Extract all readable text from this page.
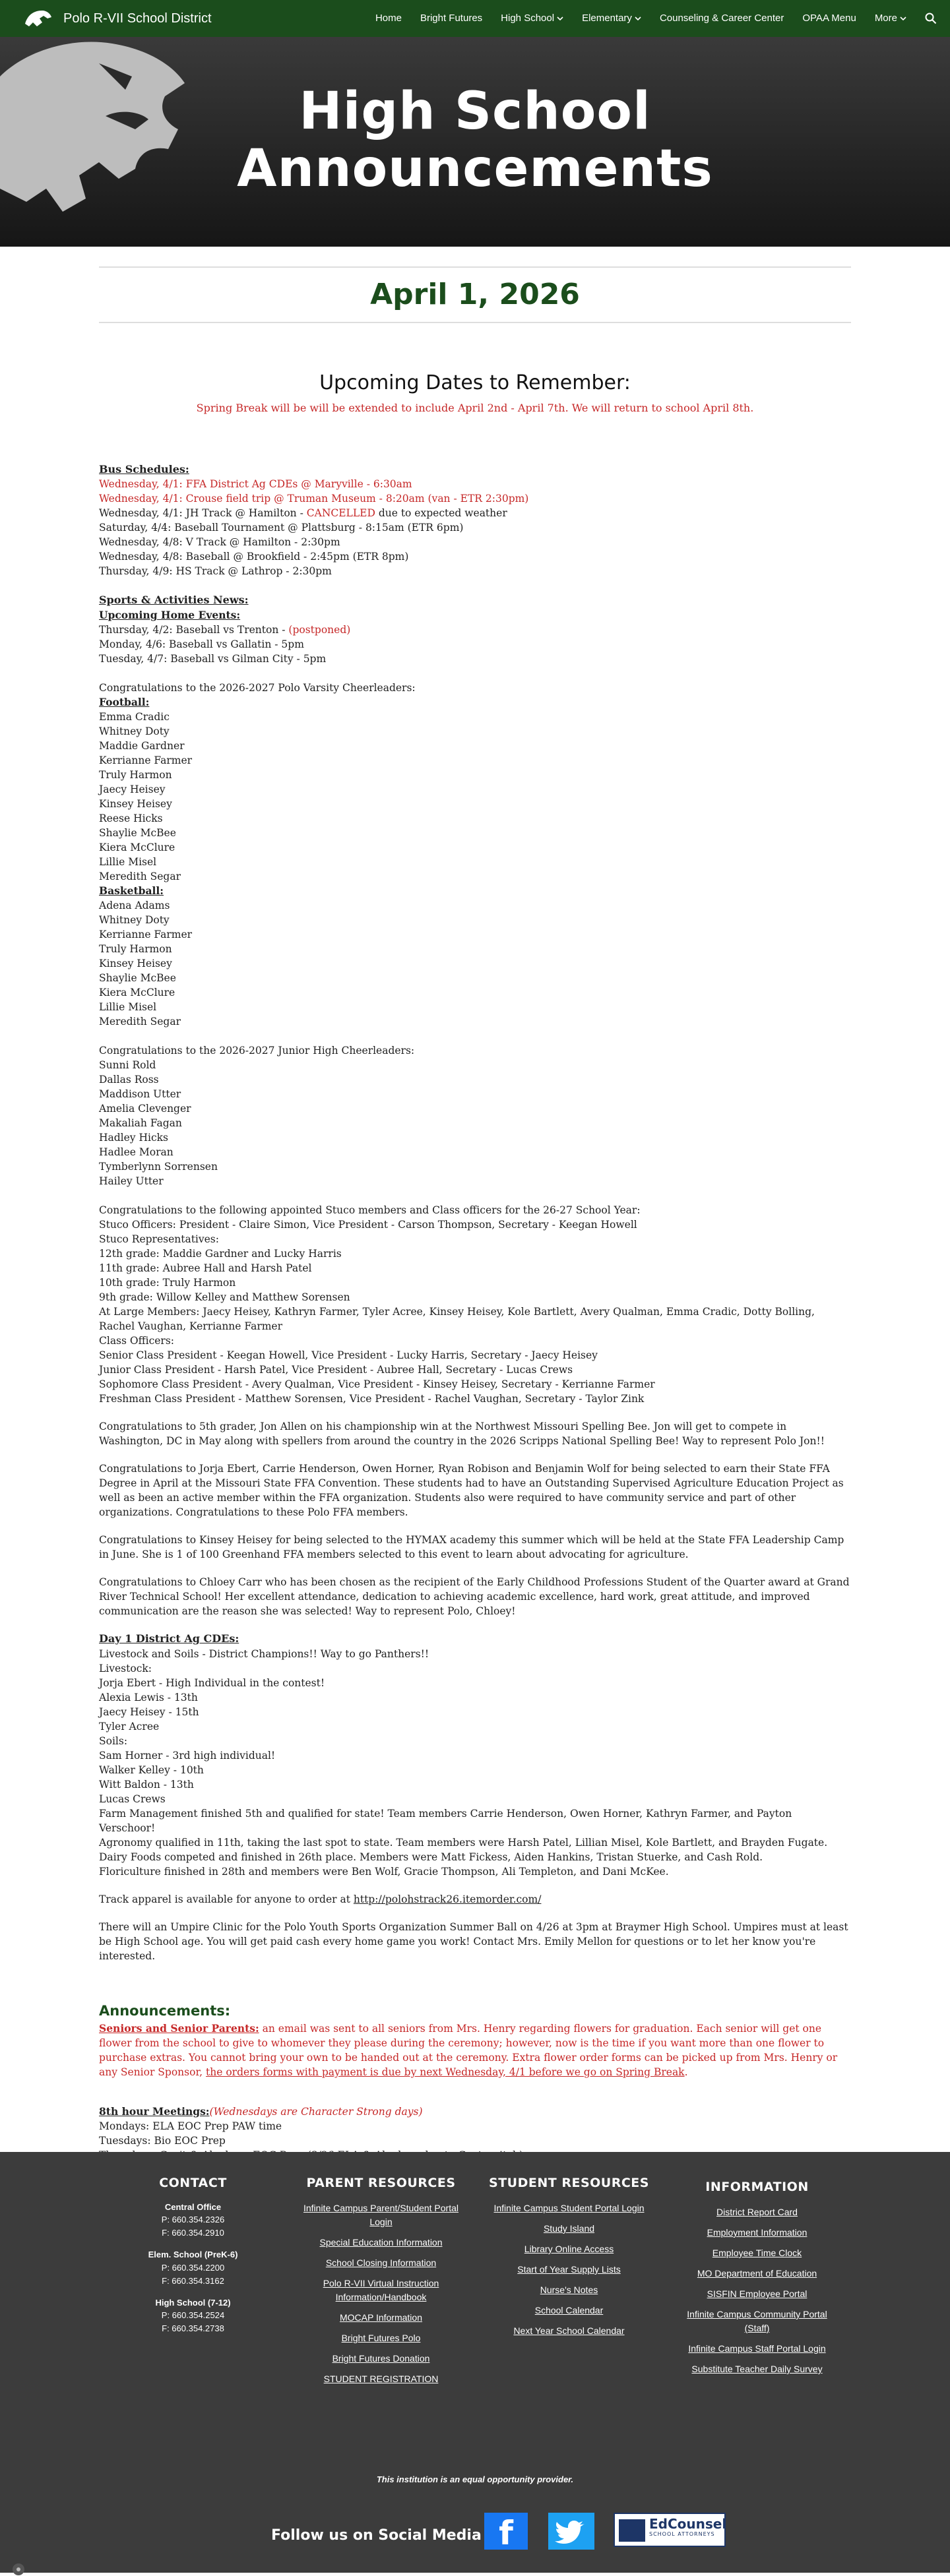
Polo R-VII School District	Home Bright Futures High School	Elementary	Counseling & Career Center OPAA Menu More
High School
Announcements
April 1, 2026
Upcoming Dates to Remember:
Spring Break will be will be extended to include April 2nd - April 7th. We will return to school April 8th.
Bus Schedules:
Wednesday, 4/1: FFA District Ag CDEs @ Maryville - 6:30am
Wednesday, 4/1: Crouse field trip @ Truman Museum - 8:20am (van - ETR 2:30pm)
Wednesday, 4/1: JH Track @ Hamilton - CANCELLED due to expected weather
Saturday, 4/4: Baseball Tournament @ Plattsburg - 8:15am (ETR 6pm)
Wednesday, 4/8: V Track @ Hamilton - 2:30pm
Wednesday, 4/8: Baseball @ Brookfield - 2:45pm (ETR 8pm)
Thursday, 4/9: HS Track @ Lathrop - 2:30pm
Sports & Activities News:
Upcoming Home Events:
Thursday, 4/2: Baseball vs Trenton - (postponed)
Monday, 4/6: Baseball vs Gallatin - 5pm
Tuesday, 4/7: Baseball vs Gilman City - 5pm
Congratulations to the 2026-2027 Polo Varsity Cheerleaders:
Football:
Emma Cradic
Whitney Doty
Maddie Gardner
Kerrianne Farmer
Truly Harmon
Jaecy Heisey
Kinsey Heisey
Reese Hicks
Shaylie McBee
Kiera McClure
Lillie Misel
Meredith Segar
Basketball:
Adena Adams
Whitney Doty
Kerrianne Farmer
Truly Harmon
Kinsey Heisey
Shaylie McBee
Kiera McClure
Lillie Misel
Meredith Segar
Congratulations to the 2026-2027 Junior High Cheerleaders:
Sunni Rold
Dallas Ross
Maddison Utter
Amelia Clevenger
Makaliah Fagan
Hadley Hicks
Hadlee Moran
Tymberlynn Sorrensen
Hailey Utter
Congratulations to the following appointed Stuco members and Class officers for the 26-27 School Year:
Stuco Officers: President - Claire Simon, Vice President - Carson Thompson, Secretary - Keegan Howell
Stuco Representatives:
12th grade: Maddie Gardner and Lucky Harris
11th grade: Aubree Hall and Harsh Patel
10th grade: Truly Harmon
9th grade: Willow Kelley and Matthew Sorensen
At Large Members: Jaecy Heisey, Kathryn Farmer, Tyler Acree, Kinsey Heisey, Kole Bartlett, Avery Qualman, Emma Cradic, Dotty Bolling, Rachel Vaughan, Kerrianne Farmer
Class Officers:
Senior Class President - Keegan Howell, Vice President - Lucky Harris, Secretary - Jaecy Heisey
Junior Class President - Harsh Patel, Vice President - Aubree Hall, Secretary - Lucas Crews
Sophomore Class President - Avery Qualman, Vice President - Kinsey Heisey, Secretary - Kerrianne Farmer
Freshman Class President - Matthew Sorensen, Vice President - Rachel Vaughan, Secretary - Taylor Zink

Congratulations to 5th grader, Jon Allen on his championship win at the Northwest Missouri Spelling Bee. Jon will get to compete in Washington, DC in May along with spellers from around the country in the 2026 Scripps National Spelling Bee! Way to represent Polo Jon!!

Congratulations to Jorja Ebert, Carrie Henderson, Owen Horner, Ryan Robison and Benjamin Wolf for being selected to earn their State FFA Degree in April at the Missouri State FFA Convention. These students had to have an Outstanding Supervised Agriculture Education Project as well as been an active member within the FFA organization. Students also were required to have community service and part of other organizations. Congratulations to these Polo FFA members.

Congratulations to Kinsey Heisey for being selected to the HYMAX academy this summer which will be held at the State FFA Leadership Camp in June. She is 1 of 100 Greenhand FFA members selected to this event to learn about advocating for agriculture.

Congratulations to Chloey Carr who has been chosen as the recipient of the Early Childhood Professions Student of the Quarter award at Grand River Technical School! Her excellent attendance, dedication to achieving academic excellence, hard work, great attitude, and improved communication are the reason she was selected! Way to represent Polo, Chloey!

Day 1 District Ag CDEs:
Livestock and Soils - District Champions!! Way to go Panthers!!
Livestock:
Jorja Ebert - High Individual in the contest!
Alexia Lewis - 13th
Jaecy Heisey - 15th
Tyler Acree
Soils:
Sam Horner - 3rd high individual!
Walker Kelley - 10th
Witt Baldon - 13th
Lucas Crews
Farm Management finished 5th and qualified for state! Team members Carrie Henderson, Owen Horner, Kathryn Farmer, and Payton Verschoor!
Agronomy qualified in 11th, taking the last spot to state. Team members were Harsh Patel, Lillian Misel, Kole Bartlett, and Brayden Fugate.
Dairy Foods competed and finished in 26th place. Members were Matt Fickess, Aiden Hankins, Tristan Stuerke, and Cash Rold.
Floriculture finished in 28th and members were Ben Wolf, Gracie Thompson, Ali Templeton, and Dani McKee.

Track apparel is available for anyone to order at http://polohstrack26.itemorder.com/

There will an Umpire Clinic for the Polo Youth Sports Organization Summer Ball on 4/26 at 3pm at Braymer High School. Umpires must at least be High School age. You will get paid cash every home game you work! Contact Mrs. Emily Mellon for questions or to let her know you're interested.

Announcements:

Seniors and Senior Parents: an email was sent to all seniors from Mrs. Henry regarding flowers for graduation. Each senior will get one flower from the school to give to whomever they please during the ceremony; however, now is the time if you want more than one flower to purchase extras. You cannot bring your own to be handed out at the ceremony. Extra flower order forms can be picked up from Mrs. Henry or any Senior Sponsor, the orders forms with payment is due by next Wednesday, 4/1 before we go on Spring Break.

8th hour Meetings:(Wednesdays are Character Strong days)
Mondays: ELA EOC Prep PAW time
Tuesdays: Bio EOC Prep
CONTACT
Central Office
P: 660.354.2326
F: 660.354.2910
Elem. School (PreK-6)
P: 660.354.2200
F: 660.354.3162
High School (7-12)
P: 660.354.2524
F: 660.354.2738
PARENT RESOURCES
Infinite Campus Parent/Student Portal Login
Special Education Information
School Closing Information
Polo R-VII Virtual Instruction Information/Handbook
MOCAP Information
Bright Futures Polo
Bright Futures Donation
STUDENT REGISTRATION
STUDENT RESOURCES
Infinite Campus Student Portal Login
Study Island
Library Online Access
Start of Year Supply Lists
Nurse's Notes
School Calendar
Next Year School Calendar
INFORMATION
District Report Card
Employment Information
Employee Time Clock
MO Department of Education
SISFIN Employee Portal
Infinite Campus Community Portal (Staff)
Infinite Campus Staff Portal Login
Substitute Teacher Daily Survey
This institution is an equal opportunity provider.
Follow us on Social Media f	EdCounsel
SCHOOL ATTORNEYS
